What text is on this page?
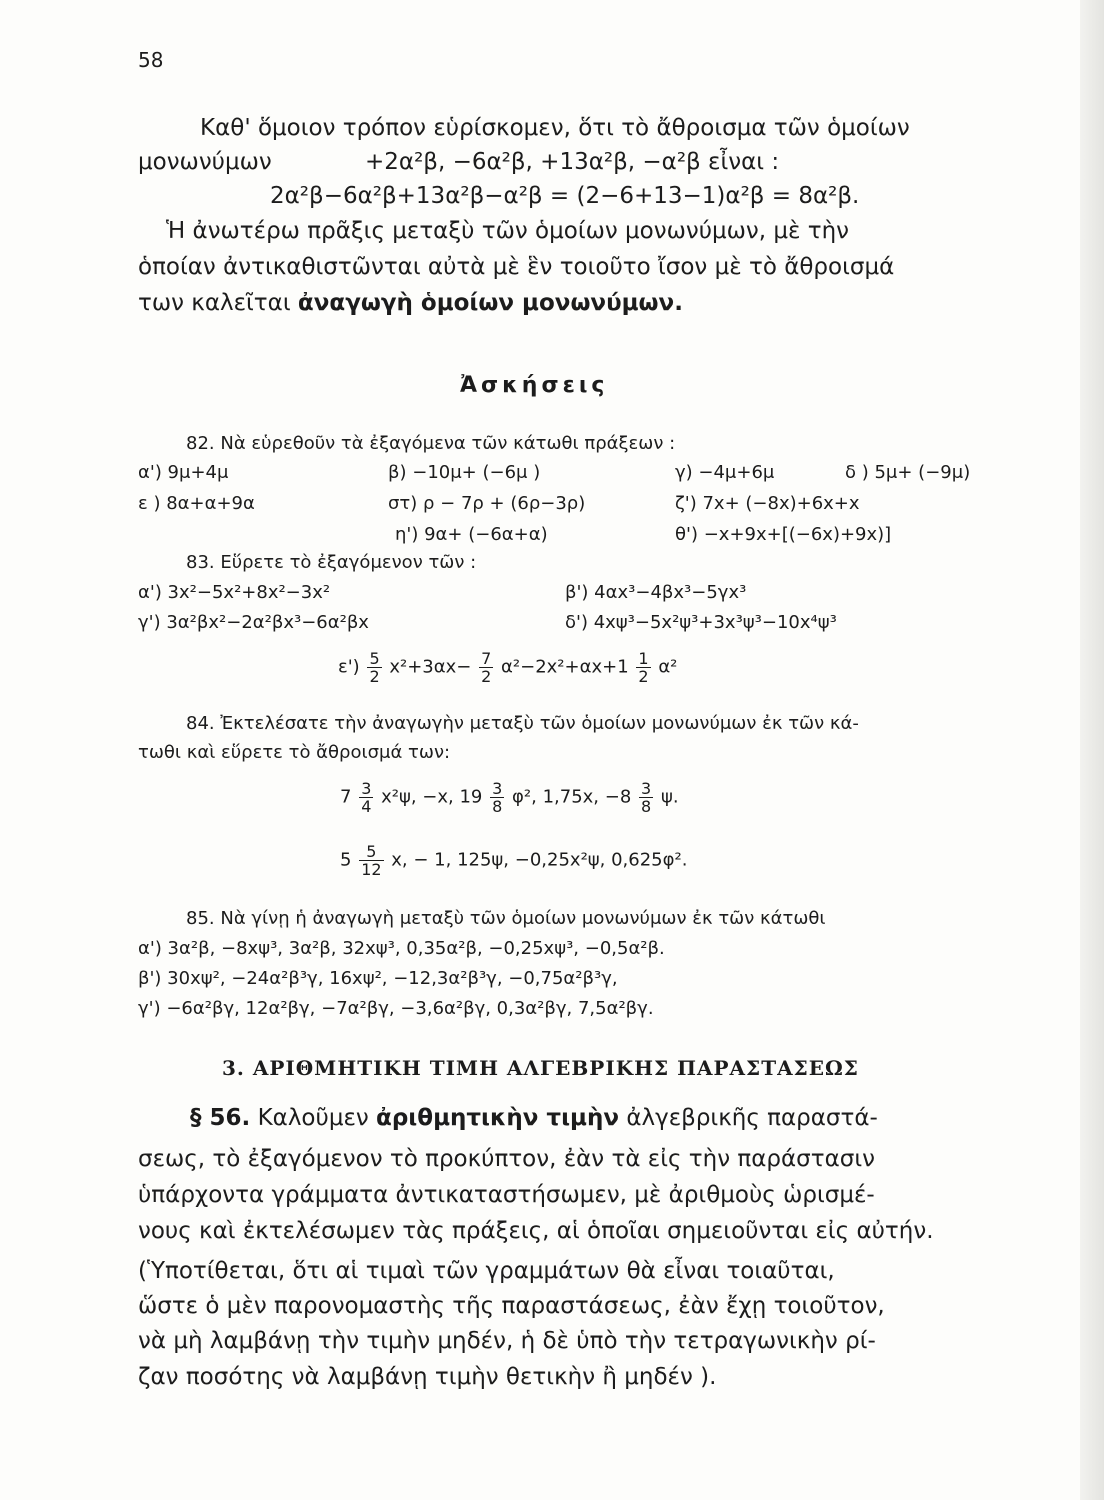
58
Καθ' ὅμοιον τρόπον εὑρίσκομεν, ὅτι τὸ ἄθροισμα τῶν ὁμοίων
μονωνύμων	+2α²β, −6α²β, +13α²β, −α²β εἶναι :
2α²β−6α²β+13α²β−α²β = (2−6+13−1)α²β = 8α²β.
Ἡ ἀνωτέρω πρᾶξις μεταξὺ τῶν ὁμοίων μονωνύμων, μὲ τὴν
ὁποίαν ἀντικαθιστῶνται αὐτὰ μὲ ἓν τοιοῦτο ἴσον μὲ τὸ ἄθροισμά
των καλεῖται ἀναγωγὴ ὁμοίων μονωνύμων.
Ἀσκήσεις
82. Νὰ εὑρεθοῦν τὰ ἐξαγόμενα τῶν κάτωθι πράξεων :
α') 9μ+4μ	β) −10μ+ (−6μ )	γ) −4μ+6μ	δ ) 5μ+ (−9μ)
ε ) 8α+α+9α	στ) ρ − 7ρ + (6ρ−3ρ)	ζ') 7x+ (−8x)+6x+x
η') 9α+ (−6α+α)	θ') −x+9x+[(−6x)+9x)]
83. Εὕρετε τὸ ἐξαγόμενον τῶν :
α') 3x²−5x²+8x²−3x²	β') 4αx³−4βx³−5γx³
γ') 3α²βx²−2α²βx³−6α²βx	δ') 4xψ³−5x²ψ³+3x³ψ³−10x⁴ψ³
$\varepsilon') \frac{5}{2} x^2+3\alpha x- \frac{7}{2} \alpha^2-2x^2+\alpha x+1 \frac{1}{2} \alpha^2$
84. Ἐκτελέσατε τὴν ἀναγωγὴν μεταξὺ τῶν ὁμοίων μονωνύμων ἐκ τῶν κά-
τωθι καὶ εὕρετε τὸ ἄθροισμά των:
$7 \frac{3}{4} x^2\psi$, −x, $19 \frac{3}{8} \varphi^2$, 1,75x, $-8 \frac{3}{8} \psi$.
$5 \frac{5}{12} x$, − 1, 125ψ, −0,25x²ψ, 0,625φ².
85. Νὰ γίνῃ ἡ ἀναγωγὴ μεταξὺ τῶν ὁμοίων μονωνύμων ἐκ τῶν κάτωθι
α') 3α²β, −8xψ³, 3α²β, 32xψ³, 0,35α²β, −0,25xψ³, −0,5α²β.
β') 30xψ², −24α²β³γ, 16xψ², −12,3α²β³γ, −0,75α²β³γ,
γ') −6α²βγ, 12α²βγ, −7α²βγ, −3,6α²βγ, 0,3α²βγ, 7,5α²βγ.
3. ΑΡΙΘΜΗΤΙΚΗ ΤΙΜΗ ΑΛΓΕΒΡΙΚΗΣ ΠΑΡΑΣΤΑΣΕΩΣ
§ 56. Καλοῦμεν ἀριθμητικὴν τιμὴν ἀλγεβρικῆς παραστά-
σεως, τὸ ἐξαγόμενον τὸ προκύπτον, ἐὰν τὰ εἰς τὴν παράστασιν
ὑπάρχοντα γράμματα ἀντικαταστήσωμεν, μὲ ἀριθμοὺς ὡρισμέ-
νους καὶ ἐκτελέσωμεν τὰς πράξεις, αἱ ὁποῖαι σημειοῦνται εἰς αὐτήν.
(Ὑποτίθεται, ὅτι αἱ τιμαὶ τῶν γραμμάτων θὰ εἶναι τοιαῦται,
ὥστε ὁ μὲν παρονομαστὴς τῆς παραστάσεως, ἐὰν ἔχῃ τοιοῦτον,
νὰ μὴ λαμβάνῃ τὴν τιμὴν μηδέν, ἡ δὲ ὑπὸ τὴν τετραγωνικὴν ρί-
ζαν ποσότης νὰ λαμβάνῃ τιμὴν θετικὴν ἢ μηδέν ).
